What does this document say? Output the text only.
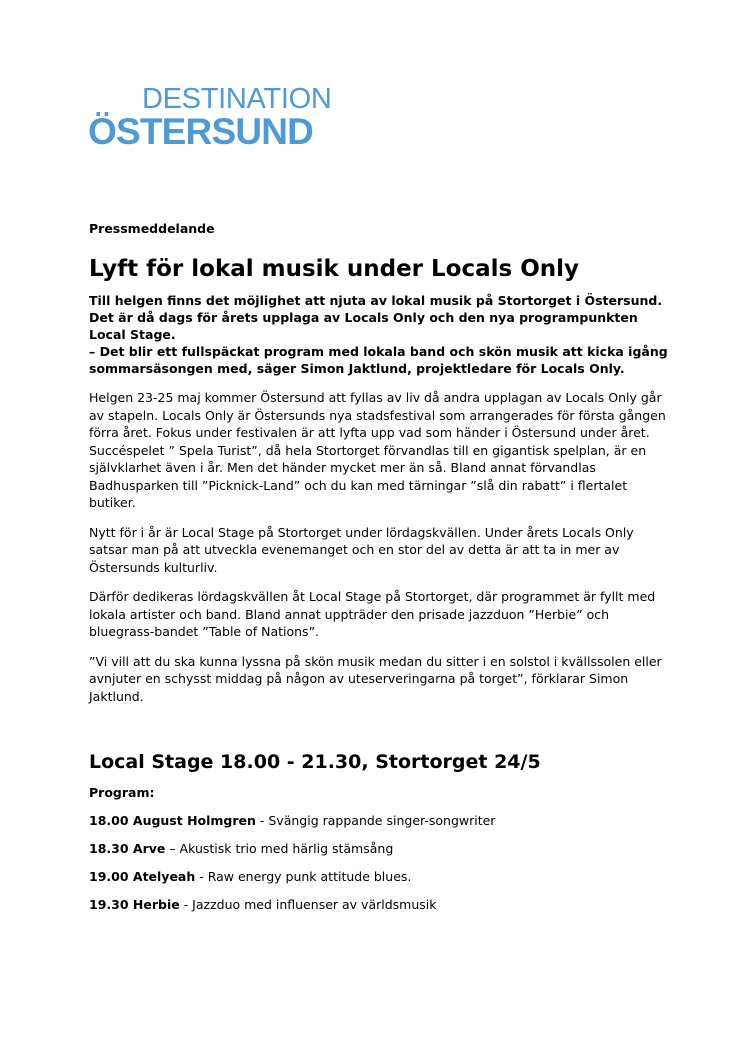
DESTINATION
ÖSTERSUND

Pressmeddelande

Lyft för lokal musik under Locals Only

Till helgen finns det möjlighet att njuta av lokal musik på Stortorget i Östersund. Det är då dags för årets upplaga av Locals Only och den nya programpunkten Local Stage.
– Det blir ett fullspäckat program med lokala band och skön musik att kicka igång sommarsäsongen med, säger Simon Jaktlund, projektledare för Locals Only.

Helgen 23-25 maj kommer Östersund att fyllas av liv då andra upplagan av Locals Only går av stapeln. Locals Only är Östersunds nya stadsfestival som arrangerades för första gången förra året. Fokus under festivalen är att lyfta upp vad som händer i Östersund under året. Succéspelet ” Spela Turist”, då hela Stortorget förvandlas till en gigantisk spelplan, är en självklarhet även i år. Men det händer mycket mer än så. Bland annat förvandlas Badhusparken till ”Picknick-Land” och du kan med tärningar ”slå din rabatt” i flertalet butiker.

Nytt för i år är Local Stage på Stortorget under lördagskvällen. Under årets Locals Only satsar man på att utveckla evenemanget och en stor del av detta är att ta in mer av Östersunds kulturliv.

Därför dedikeras lördagskvällen åt Local Stage på Stortorget, där programmet är fyllt med lokala artister och band. Bland annat uppträder den prisade jazzduon ”Herbie” och bluegrass-bandet ”Table of Nations”.

”Vi vill att du ska kunna lyssna på skön musik medan du sitter i en solstol i kvällssolen eller avnjuter en schysst middag på någon av uteserveringarna på torget”, förklarar Simon Jaktlund.

Local Stage 18.00 - 21.30, Stortorget 24/5

Program:

18.00 August Holmgren - Svängig rappande singer-songwriter

18.30 Arve – Akustisk trio med härlig stämsång

19.00 Atelyeah - Raw energy punk attitude blues.

19.30 Herbie - Jazzduo med influenser av världsmusik
